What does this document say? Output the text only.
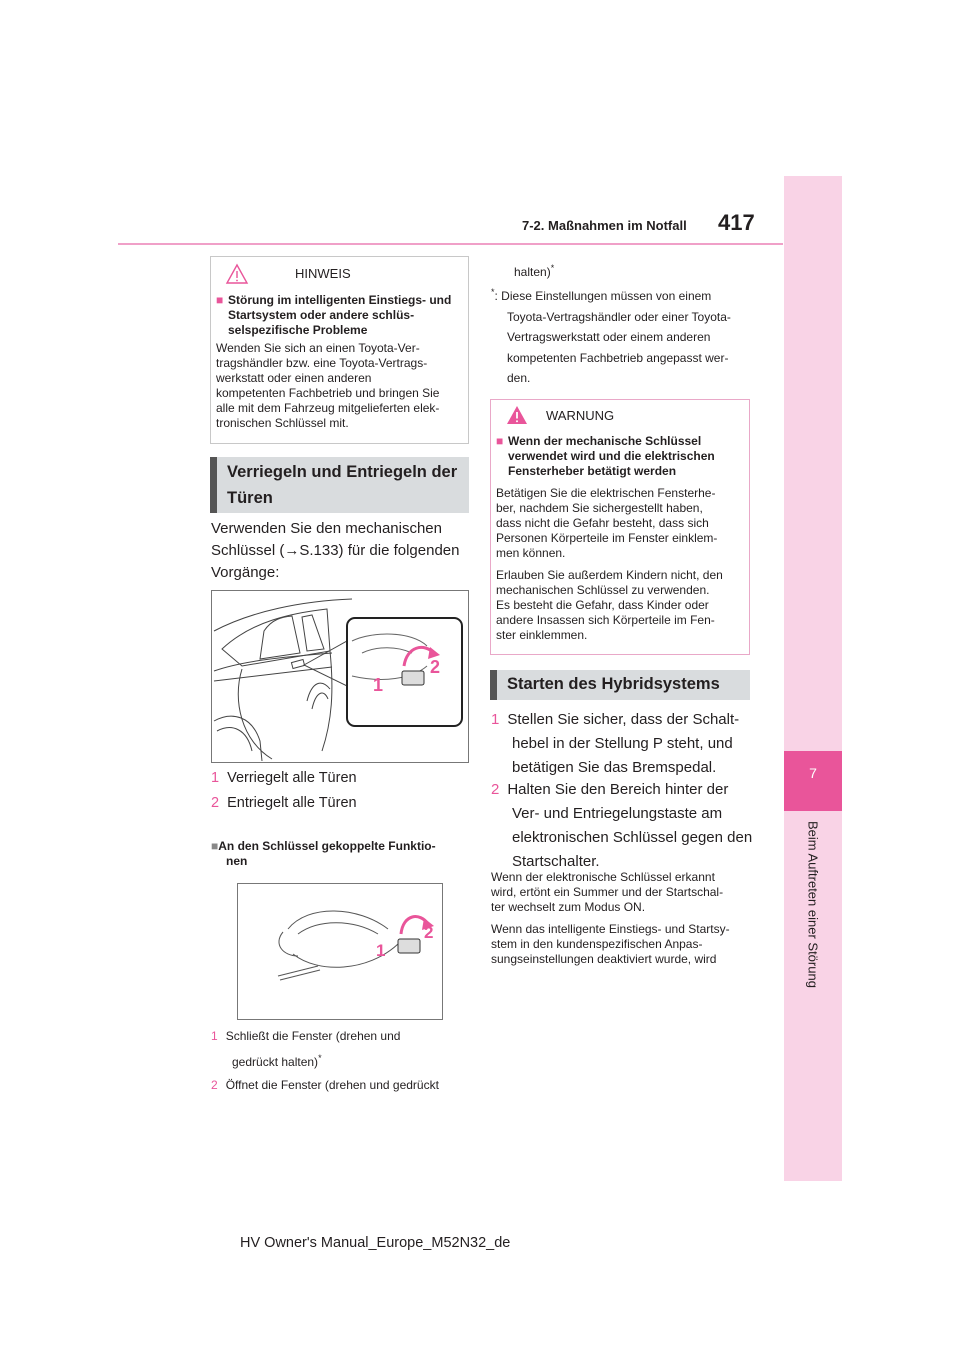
417
7-2. Maßnahmen im Notfall
7
Beim Auftreten einer Störung
HINWEIS
■ Störung im intelligenten Einstiegs- und Startsystem oder andere schlüs- selspezifische Probleme
Wenden Sie sich an einen Toyota-Ver-
tragshändler bzw. eine Toyota-Vertrags-
werkstatt oder einen anderen
kompetenten Fachbetrieb und bringen Sie
alle mit dem Fahrzeug mitgelieferten elek-
tronischen Schlüssel mit.
Verriegeln und Entriegeln der
Türen
Verwenden Sie den mechanischen
Schlüssel (→S.133) für die folgenden
Vorgänge:
1
2
1 Verriegelt alle Türen
2 Entriegelt alle Türen
■An den Schlüssel gekoppelte Funktio-
nen
1
2
1 Schließt die Fenster (drehen und
gedrückt halten)*
2 Öffnet die Fenster (drehen und gedrückt
halten)*
*: Diese Einstellungen müssen von einem
Toyota-Vertragshändler oder einer Toyota-
Vertragswerkstatt oder einem anderen
kompetenten Fachbetrieb angepasst wer-
den.
WARNUNG
■ Wenn der mechanische Schlüssel
verwendet wird und die elektrischen
Fensterheber betätigt werden
Betätigen Sie die elektrischen Fensterhe-
ber, nachdem Sie sichergestellt haben,
dass nicht die Gefahr besteht, dass sich
Personen Körperteile im Fenster einklem-
men können.
Erlauben Sie außerdem Kindern nicht, den
mechanischen Schlüssel zu verwenden.
Es besteht die Gefahr, dass Kinder oder
andere Insassen sich Körperteile im Fen-
ster einklemmen.
Starten des Hybridsystems
1 Stellen Sie sicher, dass der Schalt-
hebel in der Stellung P steht, und
betätigen Sie das Bremspedal.
2 Halten Sie den Bereich hinter der
Ver- und Entriegelungstaste am
elektronischen Schlüssel gegen den
Startschalter.
Wenn der elektronische Schlüssel erkannt
wird, ertönt ein Summer und der Startschal-
ter wechselt zum Modus ON.
Wenn das intelligente Einstiegs- und Startsy-
stem in den kundenspezifischen Anpas-
sungseinstellungen deaktiviert wurde, wird
HV Owner's Manual_Europe_M52N32_de
